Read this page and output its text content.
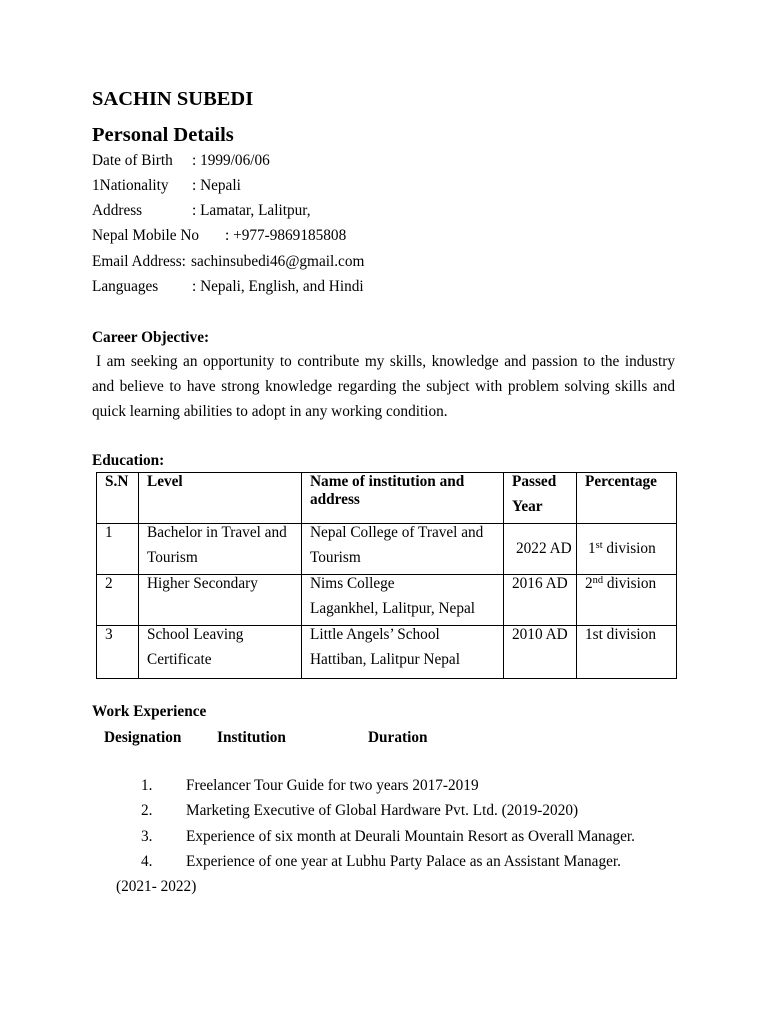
SACHIN SUBEDI
Personal Details
Date of Birth : 1999/06/06
1Nationality : Nepali
Address	: Lamatar, Lalitpur,
Nepal Mobile No : +977-9869185808
Email Address: sachinsubedi46@gmail.com
Languages : Nepali, English, and Hindi
Career Objective:
I am seeking an opportunity to contribute my skills, knowledge and passion to the industry
and believe to have strong knowledge regarding the subject with problem solving skills and
quick learning abilities to adopt in any working condition.
Education:
S.N	Level	Name of institution and address	Passed Year	Percentage

1	Bachelor in Travel and Tourism	Nepal College of Travel and Tourism	2022 AD	1st division

2	Higher Secondary	Nims College
Lagankhel, Lalitpur, Nepal	2016 AD	2nd division

3	School Leaving Certificate	Little Angels’ School
Hattiban, Lalitpur Nepal	2010 AD	1st division
Work Experience
Designation Institution	Duration
1. Freelancer Tour Guide for two years 2017-2019
2. Marketing Executive of Global Hardware Pvt. Ltd. (2019-2020)
3. Experience of six month at Deurali Mountain Resort as Overall Manager.
4. Experience of one year at Lubhu Party Palace as an Assistant Manager.
(2021- 2022)
